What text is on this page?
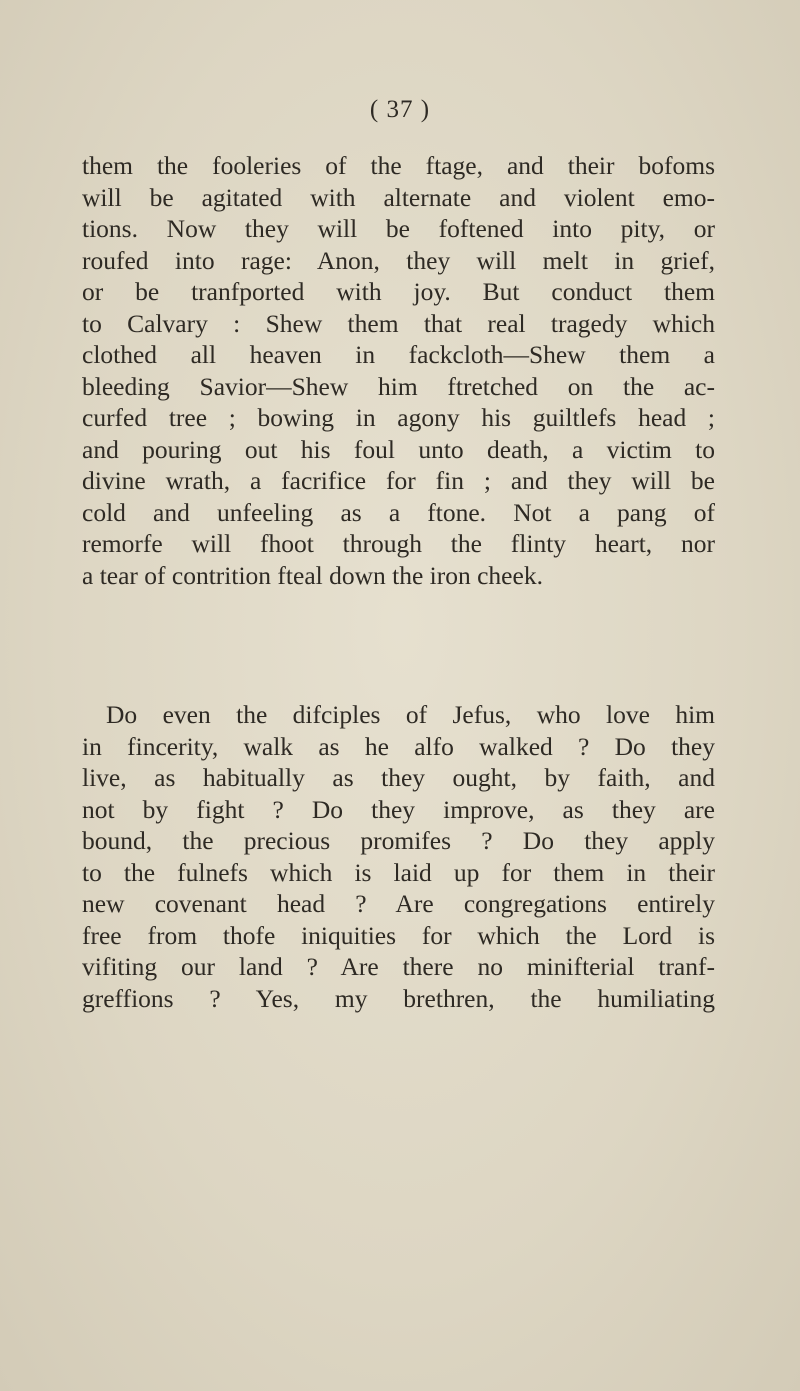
( 37 )
them the fooleries of the ftage, and their bofoms
will be agitated with alternate and violent emo-
tions. Now they will be foftened into pity, or
roufed into rage: Anon, they will melt in grief,
or be tranfported with joy. But conduct them
to Calvary : Shew them that real tragedy which
clothed all heaven in fackcloth—Shew them a
bleeding Savior—Shew him ftretched on the ac-
curfed tree ; bowing in agony his guiltlefs head ;
and pouring out his foul unto death, a victim to
divine wrath, a facrifice for fin ; and they will be
cold and unfeeling as a ftone. Not a pang of
remorfe will fhoot through the flinty heart, nor
a tear of contrition fteal down the iron cheek.
Do even the difciples of Jefus, who love him
in fincerity, walk as he alfo walked ? Do they
live, as habitually as they ought, by faith, and
not by fight ? Do they improve, as they are
bound, the precious promifes ? Do they apply
to the fulnefs which is laid up for them in their
new covenant head ? Are congregations entirely
free from thofe iniquities for which the Lord is
vifiting our land ? Are there no minifterial tranf-
greffions ? Yes, my brethren, the humiliating
